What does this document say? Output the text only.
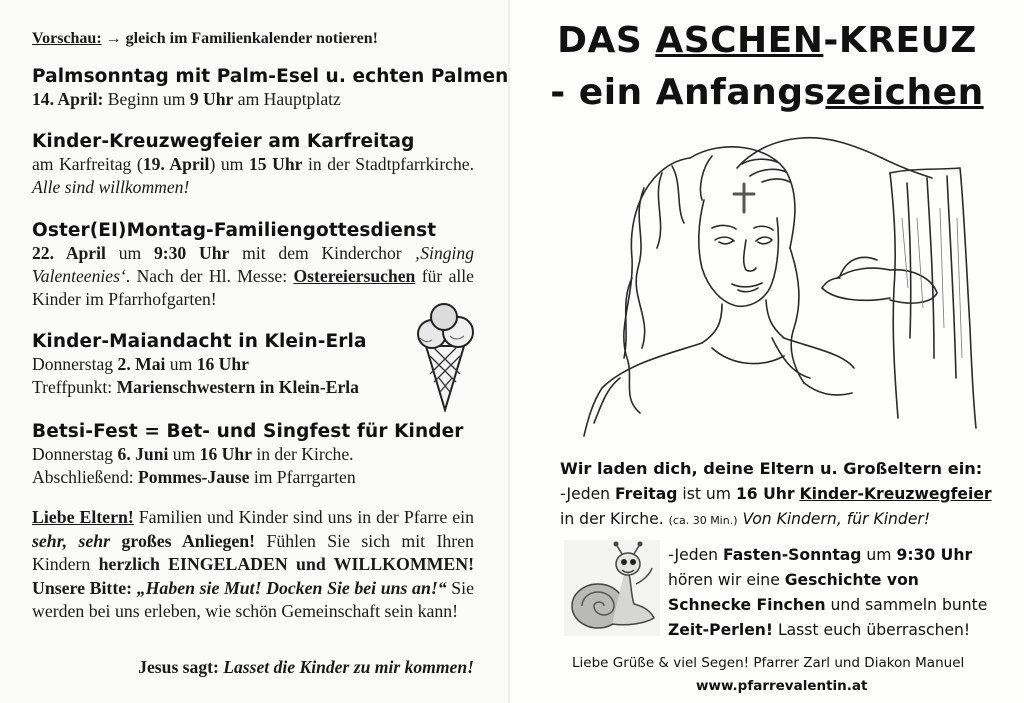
Vorschau: → gleich im Familienkalender notieren!
Palmsonntag mit Palm-Esel u. echten Palmen
14. April: Beginn um 9 Uhr am Hauptplatz
Kinder-Kreuzwegfeier am Karfreitag
am Karfreitag (19. April) um 15 Uhr in der Stadtpfarrkirche. Alle sind willkommen!
Oster(EI)Montag-Familiengottesdienst
22. April um 9:30 Uhr mit dem Kinderchor ‚Singing Valenteenies‘. Nach der Hl. Messe: Ostereiersuchen für alle Kinder im Pfarrhofgarten!
Kinder-Maiandacht in Klein-Erla
Donnerstag 2. Mai um 16 Uhr
Treffpunkt: Marienschwestern in Klein-Erla
Betsi-Fest = Bet- und Singfest für Kinder
Donnerstag 6. Juni um 16 Uhr in der Kirche.
Abschließend: Pommes-Jause im Pfarrgarten
Liebe Eltern! Familien und Kinder sind uns in der Pfarre ein sehr, sehr großes Anliegen! Fühlen Sie sich mit Ihren Kindern herzlich EINGELADEN und WILLKOMMEN! Unsere Bitte: „Haben sie Mut! Docken Sie bei uns an!“ Sie werden bei uns erleben, wie schön Gemeinschaft sein kann!
Jesus sagt: Lasset die Kinder zu mir kommen!
DAS ASCHEN-KREUZ
- ein Anfangszeichen
Wir laden dich, deine Eltern u. Großeltern ein:
-Jeden Freitag ist um 16 Uhr Kinder-Kreuzwegfeier
in der Kirche. (ca. 30 Min.) Von Kindern, für Kinder!
-Jeden Fasten-Sonntag um 9:30 Uhr
hören wir eine Geschichte von
Schnecke Finchen und sammeln bunte
Zeit-Perlen! Lasst euch überraschen!
Liebe Grüße & viel Segen! Pfarrer Zarl und Diakon Manuel
www.pfarrevalentin.at
